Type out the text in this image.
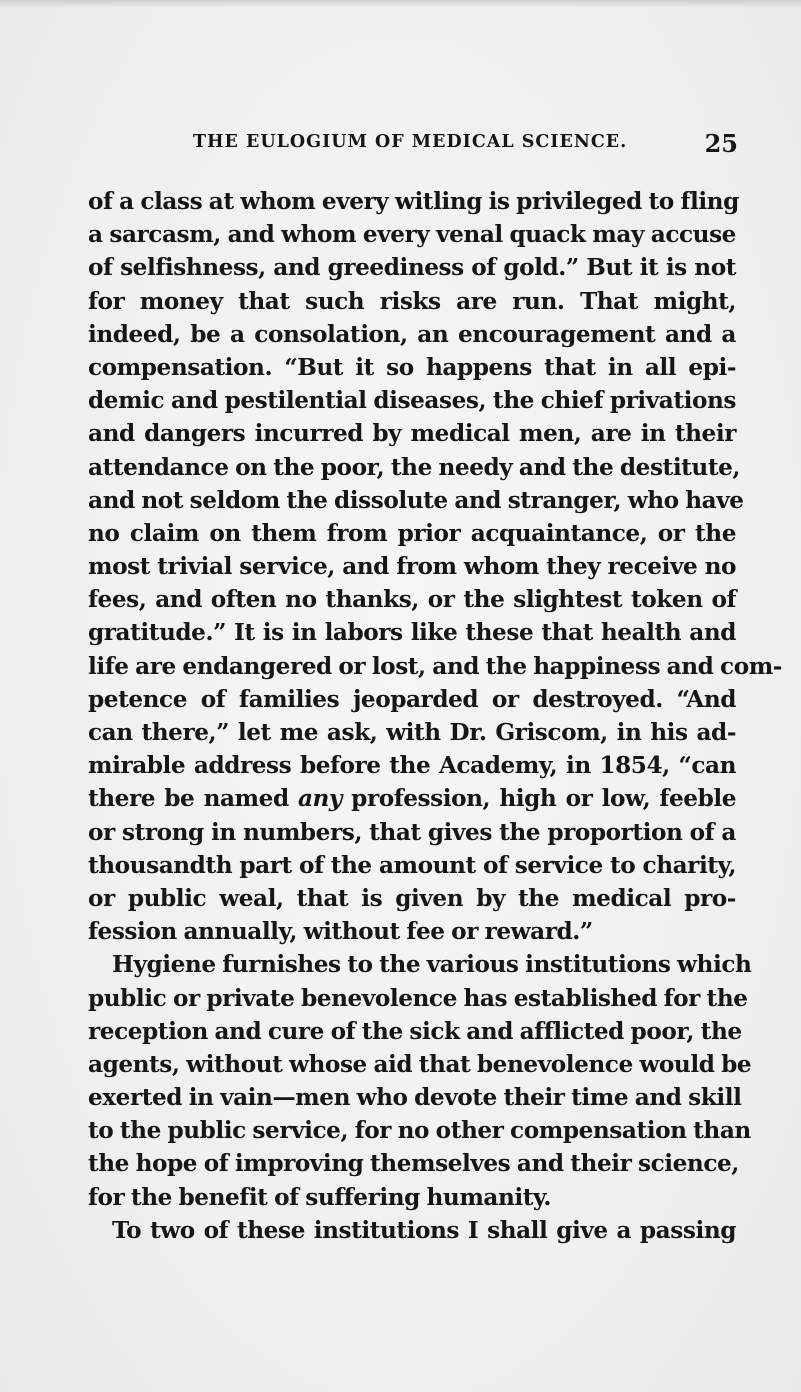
THE EULOGIUM OF MEDICAL SCIENCE.	25
of a class at whom every witling is privileged to fling
a sarcasm, and whom every venal quack may accuse
of selfishness, and greediness of gold.” But it is not
for money that such risks are run. That might,
indeed, be a consolation, an encouragement and a
compensation. “But it so happens that in all epi-
demic and pestilential diseases, the chief privations
and dangers incurred by medical men, are in their
attendance on the poor, the needy and the destitute,
and not seldom the dissolute and stranger, who have
no claim on them from prior acquaintance, or the
most trivial service, and from whom they receive no
fees, and often no thanks, or the slightest token of
gratitude.” It is in labors like these that health and
life are endangered or lost, and the happiness and com-
petence of families jeoparded or destroyed. “And
can there,” let me ask, with Dr. Griscom, in his ad-
mirable address before the Academy, in 1854, “can
there be named any profession, high or low, feeble
or strong in numbers, that gives the proportion of a
thousandth part of the amount of service to charity,
or public weal, that is given by the medical pro-
fession annually, without fee or reward.”
Hygiene furnishes to the various institutions which
public or private benevolence has established for the
reception and cure of the sick and afflicted poor, the
agents, without whose aid that benevolence would be
exerted in vain—men who devote their time and skill
to the public service, for no other compensation than
the hope of improving themselves and their science,
for the benefit of suffering humanity.
To two of these institutions I shall give a passing
